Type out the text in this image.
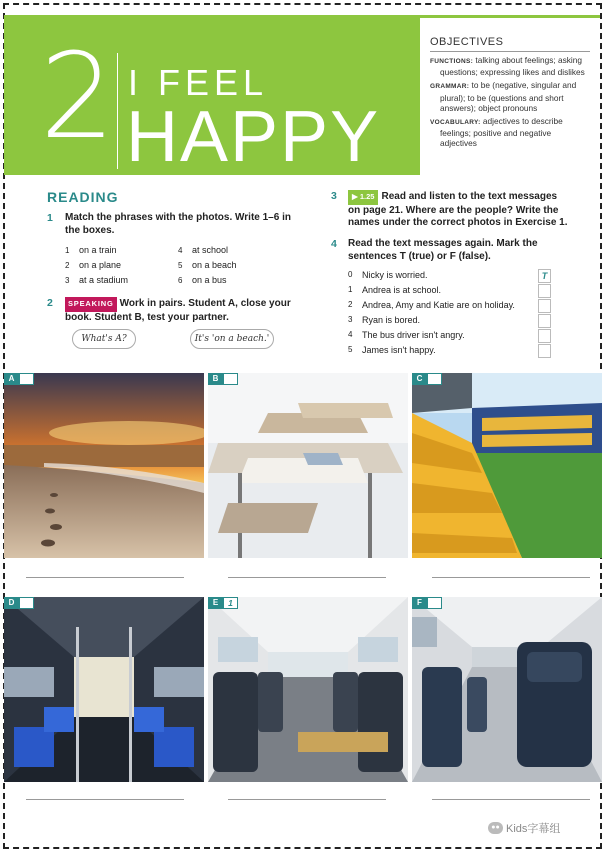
2 I FEEL
HAPPY
OBJECTIVES
FUNCTIONS: talking about feelings; asking questions; expressing likes and dislikes
GRAMMAR: to be (negative, singular and plural); to be (questions and short answers); object pronouns
VOCABULARY: adjectives to describe feelings; positive and negative adjectives
READING
1 Match the phrases with the photos. Write 1–6 in the boxes.
1 on a train
2 on a plane
3 at a stadium
4 at school
5 on a beach
6 on a bus
2	SPEAKING Work in pairs. Student A, close your book. Student B, test your partner.
What's A?	It's 'on a beach.'
3	▶ 1.25 Read and listen to the text messages on page 21. Where are the people? Write the names under the correct photos in Exercise 1.
4 Read the text messages again. Mark the sentences T (true) or F (false).
0 Nicky is worried.	T
1 Andrea is at school.
2 Andrea, Amy and Katie are on holiday.
3 Ryan is bored.
4 The bus driver isn't angry.
5 James isn't happy.
A	B	C
D	E	1	F
●● Kids字幕组
